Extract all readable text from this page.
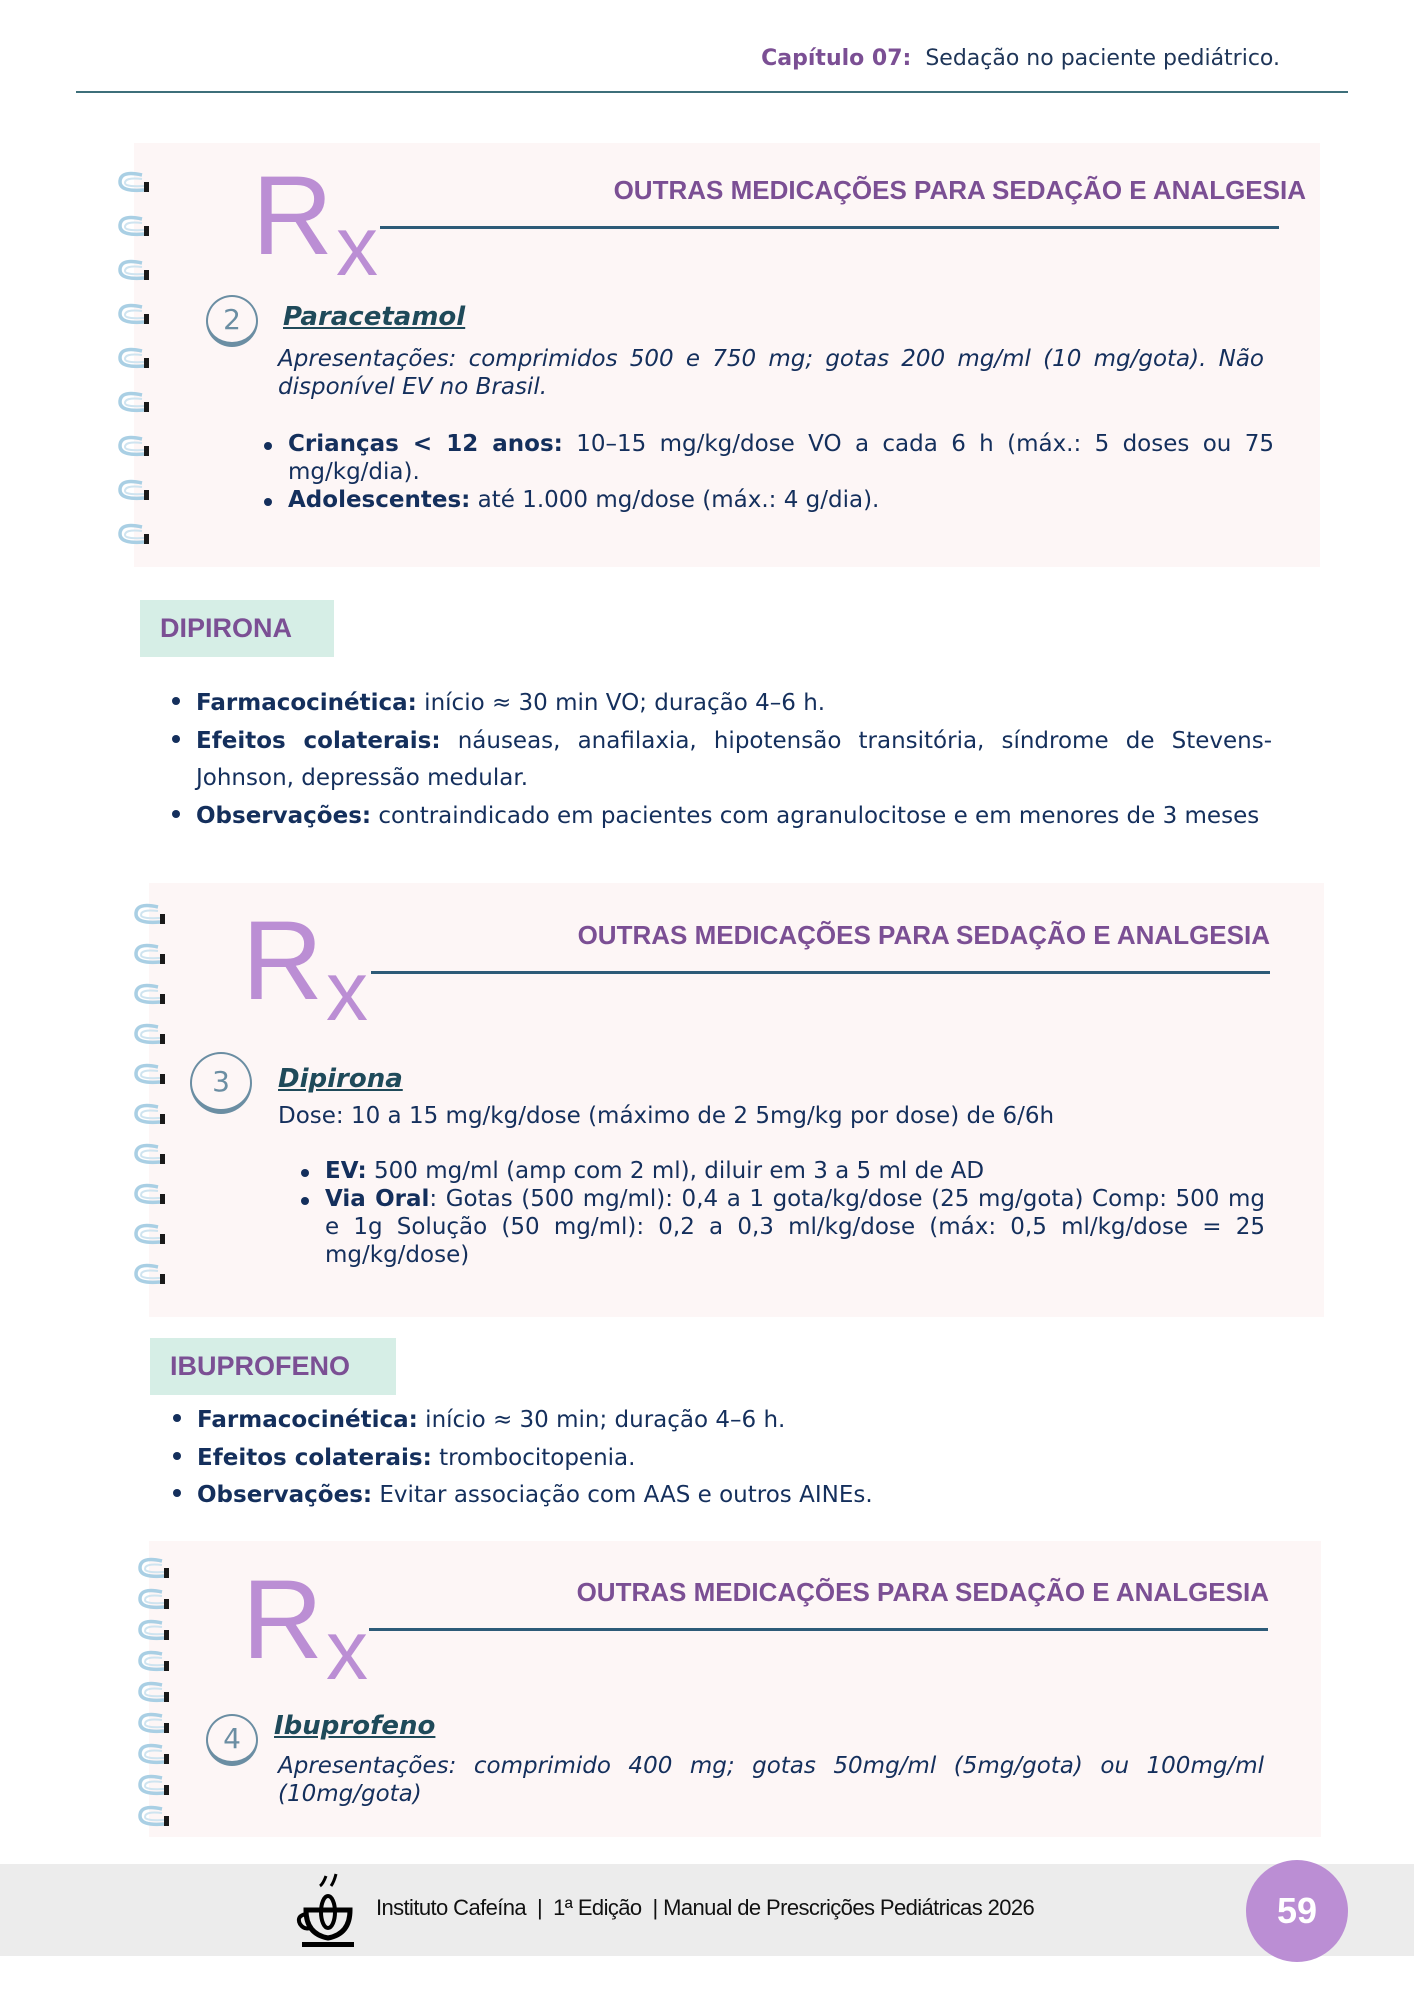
Capítulo 07: Sedação no paciente pediátrico.
R x
OUTRAS MEDICAÇÕES PARA SEDAÇÃO E ANALGESIA
2	Paracetamol
Apresentações: comprimidos 500 e 750 mg; gotas 200 mg/ml (10 mg/gota). Não disponível EV no Brasil.
Crianças < 12 anos: 10–15 mg/kg/dose VO a cada 6 h (máx.: 5 doses ou 75 mg/kg/dia).
Adolescentes: até 1.000 mg/dose (máx.: 4 g/dia).
DIPIRONA
Farmacocinética: início ≈ 30 min VO; duração 4–6 h.
Efeitos colaterais: náuseas, anafilaxia, hipotensão transitória, síndrome de Stevens-Johnson, depressão medular.
Observações: contraindicado em pacientes com agranulocitose e em menores de 3 meses
R x
OUTRAS MEDICAÇÕES PARA SEDAÇÃO E ANALGESIA
3	Dipirona
Dose: 10 a 15 mg/kg/dose (máximo de 2 5mg/kg por dose) de 6/6h
EV: 500 mg/ml (amp com 2 ml), diluir em 3 a 5 ml de AD
Via Oral: Gotas (500 mg/ml): 0,4 a 1 gota/kg/dose (25 mg/gota) Comp: 500 mg e 1g Solução (50 mg/ml): 0,2 a 0,3 ml/kg/dose (máx: 0,5 ml/kg/dose = 25 mg/kg/dose)
IBUPROFENO
Farmacocinética: início ≈ 30 min; duração 4–6 h.
Efeitos colaterais: trombocitopenia.
Observações: Evitar associação com AAS e outros AINEs.
R x
OUTRAS MEDICAÇÕES PARA SEDAÇÃO E ANALGESIA
4	Ibuprofeno
Apresentações: comprimido 400 mg; gotas 50mg/ml (5mg/gota) ou 100mg/ml (10mg/gota)
Instituto Cafeína  |  1ª Edição  | Manual de Prescrições Pediátricas 2026	59
